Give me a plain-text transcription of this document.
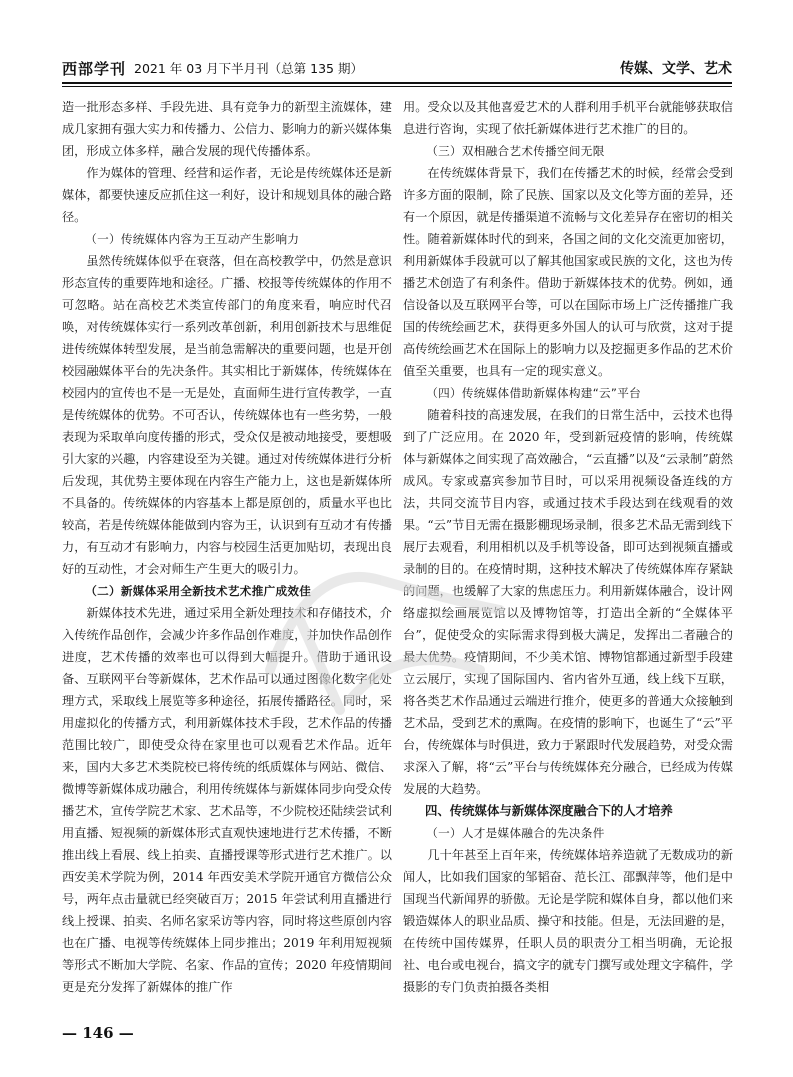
西部学刊 2021 年 03 月下半月刊（总第 135 期）	传媒、文学、艺术

造一批形态多样、手段先进、具有竞争力的新型主流媒体，建成几家拥有强大实力和传播力、公信力、影响力的新兴媒体集团，形成立体多样，融合发展的现代传播体系。

作为媒体的管理、经营和运作者，无论是传统媒体还是新媒体，都要快速反应抓住这一利好，设计和规划具体的融合路径。

（一）传统媒体内容为王互动产生影响力

虽然传统媒体似乎在衰落，但在高校教学中，仍然是意识形态宣传的重要阵地和途径。广播、校报等传统媒体的作用不可忽略。站在高校艺术类宣传部门的角度来看，响应时代召唤，对传统媒体实行一系列改革创新，利用创新技术与思维促进传统媒体转型发展，是当前急需解决的重要问题，也是开创校园融媒体平台的先决条件。其实相比于新媒体，传统媒体在校园内的宣传也不是一无是处，直面师生进行宣传教学，一直是传统媒体的优势。不可否认，传统媒体也有一些劣势，一般表现为采取单向度传播的形式，受众仅是被动地接受，要想吸引大家的兴趣，内容建设至为关键。通过对传统媒体进行分析后发现，其优势主要体现在内容生产能力上，这也是新媒体所不具备的。传统媒体的内容基本上都是原创的，质量水平也比较高，若是传统媒体能做到内容为王，认识到有互动才有传播力，有互动才有影响力，内容与校园生活更加贴切，表现出良好的互动性，才会对师生产生更大的吸引力。

（二）新媒体采用全新技术艺术推广成效佳

新媒体技术先进，通过采用全新处理技术和存储技术，介入传统作品创作，会减少许多作品创作难度，并加快作品创作进度，艺术传播的效率也可以得到大幅提升。借助于通讯设备、互联网平台等新媒体，艺术作品可以通过图像化数字化处理方式，采取线上展览等多种途径，拓展传播路径。同时，采用虚拟化的传播方式，利用新媒体技术手段，艺术作品的传播范围比较广，即使受众待在家里也可以观看艺术作品。近年来，国内大多艺术类院校已将传统的纸质媒体与网站、微信、微博等新媒体成功融合，利用传统媒体与新媒体同步向受众传播艺术，宣传学院艺术家、艺术品等，不少院校还陆续尝试利用直播、短视频的新媒体形式直观快速地进行艺术传播，不断推出线上看展、线上拍卖、直播授课等形式进行艺术推广。以西安美术学院为例，2014 年西安美术学院开通官方微信公众号，两年点击量就已经突破百万；2015 年尝试利用直播进行线上授课、拍卖、名师名家采访等内容，同时将这些原创内容也在广播、电视等传统媒体上同步推出；2019 年利用短视频等形式不断加大学院、名家、作品的宣传；2020 年疫情期间更是充分发挥了新媒体的推广作

用。受众以及其他喜爱艺术的人群利用手机平台就能够获取信息进行咨询，实现了依托新媒体进行艺术推广的目的。

（三）双相融合艺术传播空间无限

在传统媒体背景下，我们在传播艺术的时候，经常会受到许多方面的限制，除了民族、国家以及文化等方面的差异，还有一个原因，就是传播渠道不流畅与文化差异存在密切的相关性。随着新媒体时代的到来，各国之间的文化交流更加密切，利用新媒体手段就可以了解其他国家或民族的文化，这也为传播艺术创造了有利条件。借助于新媒体技术的优势。例如，通信设备以及互联网平台等，可以在国际市场上广泛传播推广我国的传统绘画艺术，获得更多外国人的认可与欣赏，这对于提高传统绘画艺术在国际上的影响力以及挖掘更多作品的艺术价值至关重要，也具有一定的现实意义。

（四）传统媒体借助新媒体构建“云”平台

随着科技的高速发展，在我们的日常生活中，云技术也得到了广泛应用。在 2020 年，受到新冠疫情的影响，传统媒体与新媒体之间实现了高效融合，“云直播”以及“云录制”蔚然成风。专家或嘉宾参加节目时，可以采用视频设备连线的方法，共同交流节目内容，或通过技术手段达到在线观看的效果。“云”节目无需在摄影棚现场录制，很多艺术品无需到线下展厅去观看，利用相机以及手机等设备，即可达到视频直播或录制的目的。在疫情时期，这种技术解决了传统媒体库存紧缺的问题，也缓解了大家的焦虑压力。利用新媒体融合，设计网络虚拟绘画展览馆以及博物馆等，打造出全新的“全媒体平台”，促使受众的实际需求得到极大满足，发挥出二者融合的最大优势。疫情期间，不少美术馆、博物馆都通过新型手段建立云展厅，实现了国际国内、省内省外互通，线上线下互联，将各类艺术作品通过云端进行推介，使更多的普通大众接触到艺术品，受到艺术的熏陶。在疫情的影响下，也诞生了“云”平台，传统媒体与时俱进，致力于紧跟时代发展趋势，对受众需求深入了解，将“云”平台与传统媒体充分融合，已经成为传媒发展的大趋势。

四、传统媒体与新媒体深度融合下的人才培养

（一）人才是媒体融合的先决条件

几十年甚至上百年来，传统媒体培养造就了无数成功的新闻人，比如我们国家的邹韬奋、范长江、邵飘萍等，他们是中国现当代新闻界的骄傲。无论是学院和媒体自身，都以他们来锻造媒体人的职业品质、操守和技能。但是，无法回避的是，在传统中国传媒界，任职人员的职责分工相当明确，无论报社、电台或电视台，搞文字的就专门撰写或处理文字稿件，学摄影的专门负责拍摄各类相

— 146 —
